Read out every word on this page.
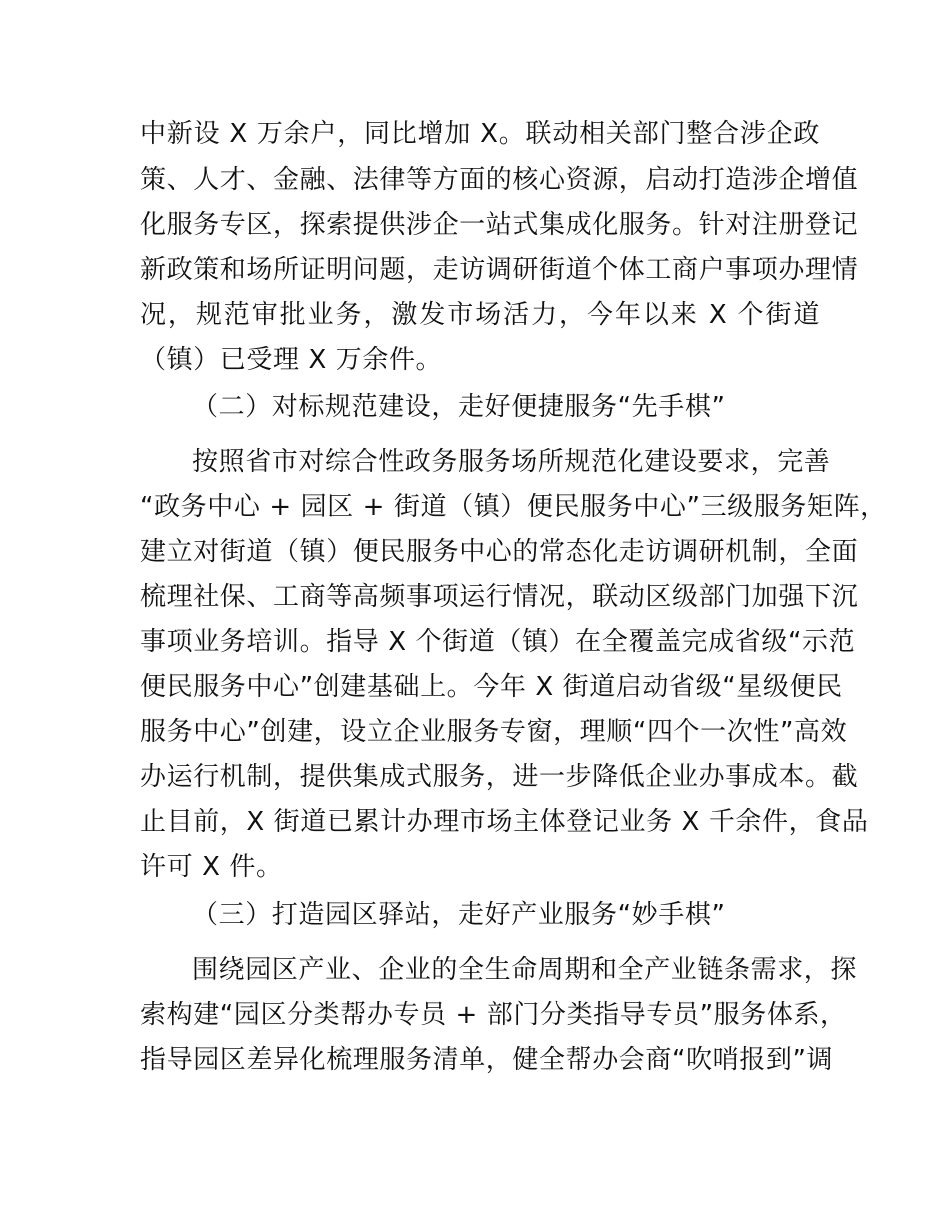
中新设 X 万余户，同比增加 X。联动相关部门整合涉企政
策、人才、金融、法律等方面的核心资源，启动打造涉企增值
化服务专区，探索提供涉企一站式集成化服务。针对注册登记
新政策和场所证明问题，走访调研街道个体工商户事项办理情
况，规范审批业务，激发市场活力，今年以来 X 个街道
（镇）已受理 X 万余件。
（二）对标规范建设，走好便捷服务“先手棋”
按照省市对综合性政务服务场所规范化建设要求，完善
“政务中心 + 园区 + 街道（镇）便民服务中心”三级服务矩阵，
建立对街道（镇）便民服务中心的常态化走访调研机制，全面
梳理社保、工商等高频事项运行情况，联动区级部门加强下沉
事项业务培训。指导 X 个街道（镇）在全覆盖完成省级“示范
便民服务中心”创建基础上。今年 X 街道启动省级“星级便民
服务中心”创建，设立企业服务专窗，理顺“四个一次性”高效
办运行机制，提供集成式服务，进一步降低企业办事成本。截
止目前，X 街道已累计办理市场主体登记业务 X 千余件，食品
许可 X 件。
（三）打造园区驿站，走好产业服务“妙手棋”
围绕园区产业、企业的全生命周期和全产业链条需求，探
索构建“园区分类帮办专员 + 部门分类指导专员”服务体系，
指导园区差异化梳理服务清单，健全帮办会商“吹哨报到”调
